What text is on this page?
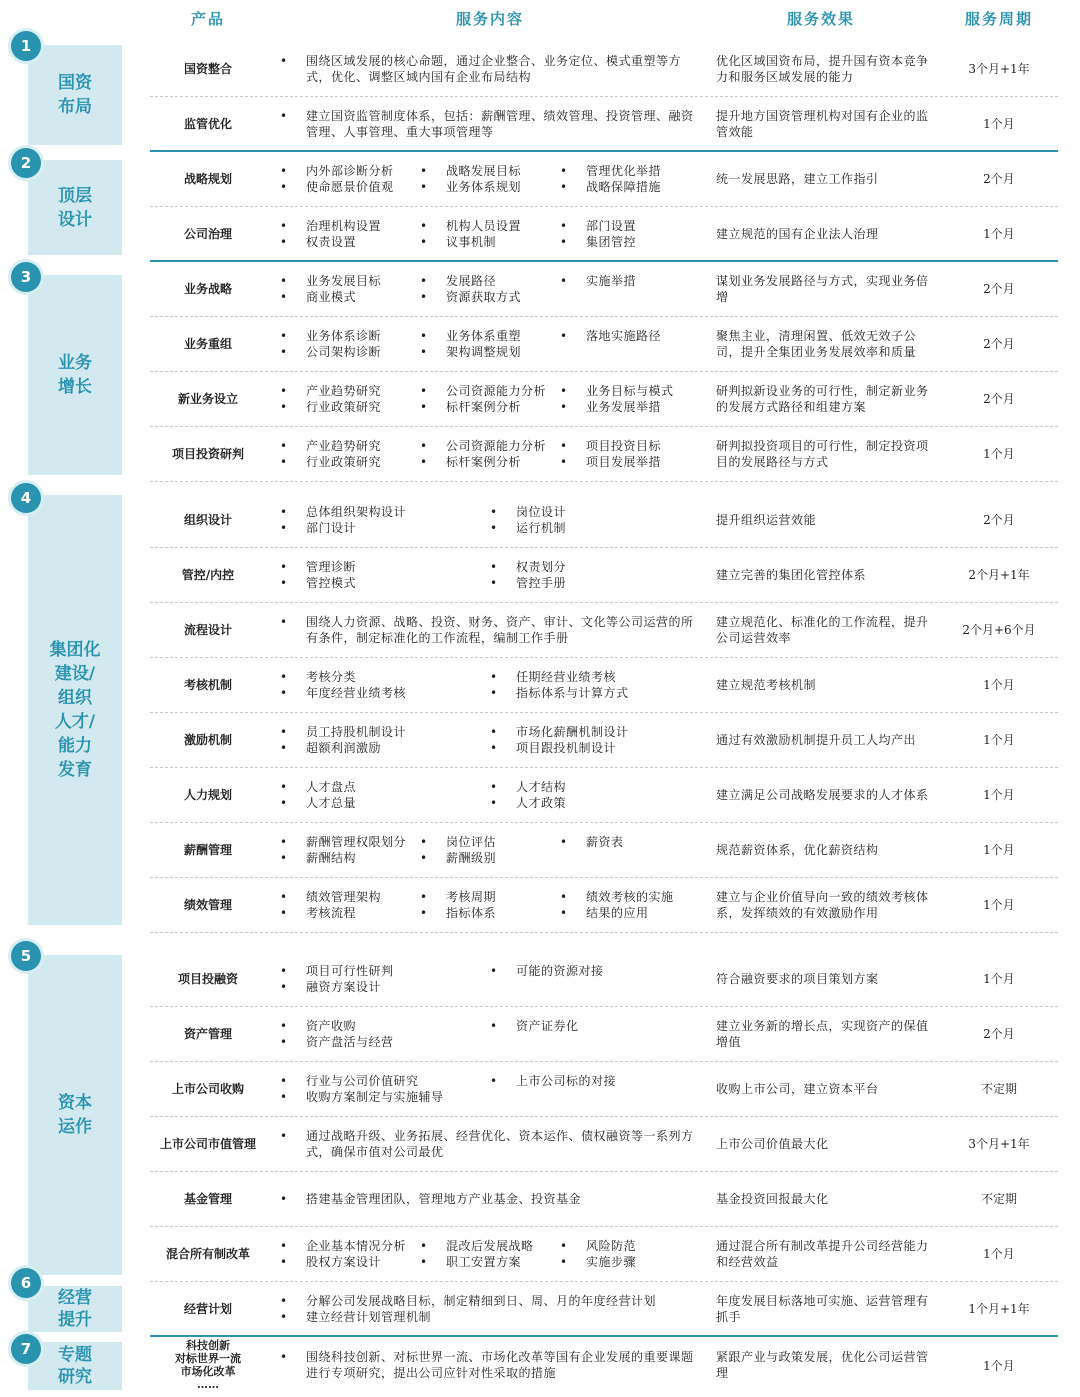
产品	服务内容	服务效果	服务周期
国资
布局
1
顶层
设计
2
业务
增长
3
集团化
建设/
组织
人才/
能力
发育
4
资本
运作
5
经营
提升
6
专题
研究
7
国资整合
• 围绕区域发展的核心命题，通过企业整合、业务定位、模式重塑等方式，优化、调整区域内国有企业布局结构
优化区域国资布局，提升国有资本竞争力和服务区域发展的能力
3个月+1年
监管优化
• 建立国资监管制度体系，包括：薪酬管理、绩效管理、投资管理、融资管理、人事管理、重大事项管理等
提升地方国资管理机构对国有企业的监管效能
1个月
战略规划
• 内外部诊断分析
• 使命愿景价值观
• 战略发展目标
• 业务体系规划
• 管理优化举措
• 战略保障措施
统一发展思路，建立工作指引	2个月
公司治理
• 治理机构设置
• 权责设置
• 机构人员设置
• 议事机制
• 部门设置
• 集团管控
建立规范的国有企业法人治理	1个月
业务战略
• 业务发展目标
• 商业模式
• 发展路径
• 资源获取方式
• 实施举措	谋划业务发展路径与方式，实现业务倍增
2个月
业务重组
• 业务体系诊断
• 公司架构诊断
• 业务体系重塑
• 架构调整规划
• 落地实施路径	聚焦主业，清理闲置、低效无效子公司，提升全集团业务发展效率和质量
2个月
新业务设立
• 产业趋势研究
• 行业政策研究
• 公司资源能力分析
• 标杆案例分析
• 业务目标与模式
• 业务发展举措
研判拟新设业务的可行性，制定新业务的发展方式路径和组建方案
2个月
项目投资研判
• 产业趋势研究
• 行业政策研究
• 公司资源能力分析
• 标杆案例分析
• 项目投资目标
• 项目发展举措
研判拟投资项目的可行性，制定投资项目的发展路径与方式
1个月
组织设计
• 总体组织架构设计
• 部门设计
• 岗位设计
• 运行机制
提升组织运营效能	2个月
管控/内控
• 管理诊断
• 管控模式
• 权责划分
• 管控手册
建立完善的集团化管控体系	2个月+1年
流程设计
• 围绕人力资源、战略、投资、财务、资产、审计、文化等公司运营的所有条件，制定标准化的工作流程，编制工作手册
建立规范化、标准化的工作流程，提升公司运营效率
2个月+6个月
考核机制
• 考核分类
• 年度经营业绩考核
• 任期经营业绩考核
• 指标体系与计算方式
建立规范考核机制	1个月
激励机制
• 员工持股机制设计
• 超额利润激励
• 市场化薪酬机制设计
• 项目跟投机制设计
通过有效激励机制提升员工人均产出	1个月
人力规划
• 人才盘点
• 人才总量
• 人才结构
• 人才政策
建立满足公司战略发展要求的人才体系	1个月
薪酬管理
• 薪酬管理权限划分
• 薪酬结构
• 岗位评估
• 薪酬级别
• 薪资表
规范薪资体系，优化薪资结构	1个月
绩效管理
• 绩效管理架构
• 考核流程
• 考核周期
• 指标体系
• 绩效考核的实施
• 结果的应用
建立与企业价值导向一致的绩效考核体系，发挥绩效的有效激励作用
1个月
项目投融资
• 项目可行性研判
• 融资方案设计
• 可能的资源对接
符合融资要求的项目策划方案	1个月
资产管理
• 资产收购
• 资产盘活与经营
• 资产证券化	建立业务新的增长点，实现资产的保值增值
2个月
上市公司收购
• 行业与公司价值研究
• 收购方案制定与实施辅导
• 上市公司标的对接
收购上市公司，建立资本平台	不定期
上市公司市值管理
• 通过战略升级、业务拓展、经营优化、资本运作、债权融资等一系列方式，确保市值对公司最优
上市公司价值最大化	3个月+1年
基金管理
•	搭建基金管理团队，管理地方产业基金、投资基金	基金投资回报最大化	不定期
混合所有制改革
• 企业基本情况分析
• 股权方案设计
• 混改后发展战略
• 职工安置方案
• 风险防范
• 实施步骤
通过混合所有制改革提升公司经营能力和经营效益
1个月
经营计划
• 分解公司发展战略目标，制定精细到日、周、月的年度经营计划
• 建立经营计划管理机制
年度发展目标落地可实施、运营管理有抓手
1个月+1年
科技创新
对标世界一流
市场化改革
……
• 围绕科技创新、对标世界一流、市场化改革等国有企业发展的重要课题进行专项研究，提出公司应针对性采取的措施
紧跟产业与政策发展，优化公司运营管理
1个月
